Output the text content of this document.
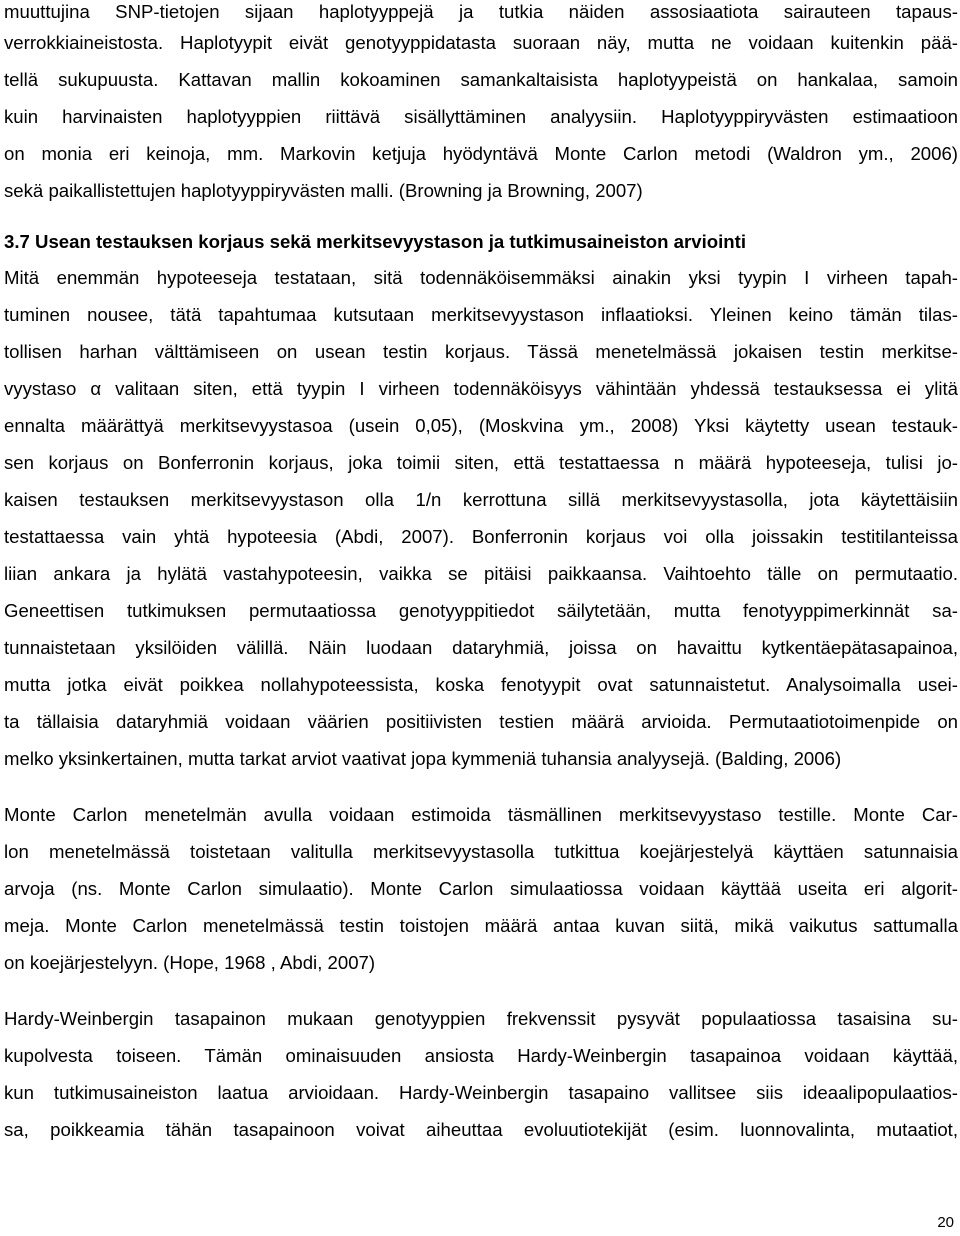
muuttujina SNP-tietojen sijaan haplotyyppejä ja tutkia näiden assosiaatiota sairauteen tapaus-
verrokkiaineistosta. Haplotyypit eivät genotyyppidatasta suoraan näy, mutta ne voidaan kuitenkin pää-
tellä sukupuusta. Kattavan mallin kokoaminen samankaltaisista haplotyypeistä on hankalaa, samoin
kuin harvinaisten haplotyyppien riittävä sisällyttäminen analyysiin. Haplotyyppiryvästen estimaatioon
on monia eri keinoja, mm. Markovin ketjuja hyödyntävä Monte Carlon metodi (Waldron ym., 2006)
sekä paikallistettujen haplotyyppiryvästen malli. (Browning ja Browning, 2007)
3.7 Usean testauksen korjaus sekä merkitsevyystason ja tutkimusaineiston arviointi
Mitä enemmän hypoteeseja testataan, sitä todennäköisemmäksi ainakin yksi tyypin I virheen tapah-
tuminen nousee, tätä tapahtumaa kutsutaan merkitsevyystason inflaatioksi. Yleinen keino tämän tilas-
tollisen harhan välttämiseen on usean testin korjaus. Tässä menetelmässä jokaisen testin merkitse-
vyystaso α valitaan siten, että tyypin I virheen todennäköisyys vähintään yhdessä testauksessa ei ylitä
ennalta määrättyä merkitsevyystasoa (usein 0,05), (Moskvina ym., 2008) Yksi käytetty usean testauk-
sen korjaus on Bonferronin korjaus, joka toimii siten, että testattaessa n määrä hypoteeseja, tulisi jo-
kaisen testauksen merkitsevyystason olla 1/n kerrottuna sillä merkitsevyystasolla, jota käytettäisiin
testattaessa vain yhtä hypoteesia (Abdi, 2007). Bonferronin korjaus voi olla joissakin testitilanteissa
liian ankara ja hylätä vastahypoteesin, vaikka se pitäisi paikkaansa. Vaihtoehto tälle on permutaatio.
Geneettisen tutkimuksen permutaatiossa genotyyppitiedot säilytetään, mutta fenotyyppimerkinnät sa-
tunnaistetaan yksilöiden välillä. Näin luodaan dataryhmiä, joissa on havaittu kytkentäepätasapainoa,
mutta jotka eivät poikkea nollahypoteessista, koska fenotyypit ovat satunnaistetut. Analysoimalla usei-
ta tällaisia dataryhmiä voidaan väärien positiivisten testien määrä arvioida. Permutaatiotoimenpide on
melko yksinkertainen, mutta tarkat arviot vaativat jopa kymmeniä tuhansia analyysejä. (Balding, 2006)
Monte Carlon menetelmän avulla voidaan estimoida täsmällinen merkitsevyystaso testille. Monte Car-
lon menetelmässä toistetaan valitulla merkitsevyystasolla tutkittua koejärjestelyä käyttäen satunnaisia
arvoja (ns. Monte Carlon simulaatio). Monte Carlon simulaatiossa voidaan käyttää useita eri algorit-
meja. Monte Carlon menetelmässä testin toistojen määrä antaa kuvan siitä, mikä vaikutus sattumalla
on koejärjestelyyn. (Hope, 1968 , Abdi, 2007)
Hardy-Weinbergin tasapainon mukaan genotyyppien frekvenssit pysyvät populaatiossa tasaisina su-
kupolvesta toiseen. Tämän ominaisuuden ansiosta Hardy-Weinbergin tasapainoa voidaan käyttää,
kun tutkimusaineiston laatua arvioidaan. Hardy-Weinbergin tasapaino vallitsee siis ideaalipopulaatios-
sa, poikkeamia tähän tasapainoon voivat aiheuttaa evoluutiotekijät (esim. luonnovalinta, mutaatiot,
20
